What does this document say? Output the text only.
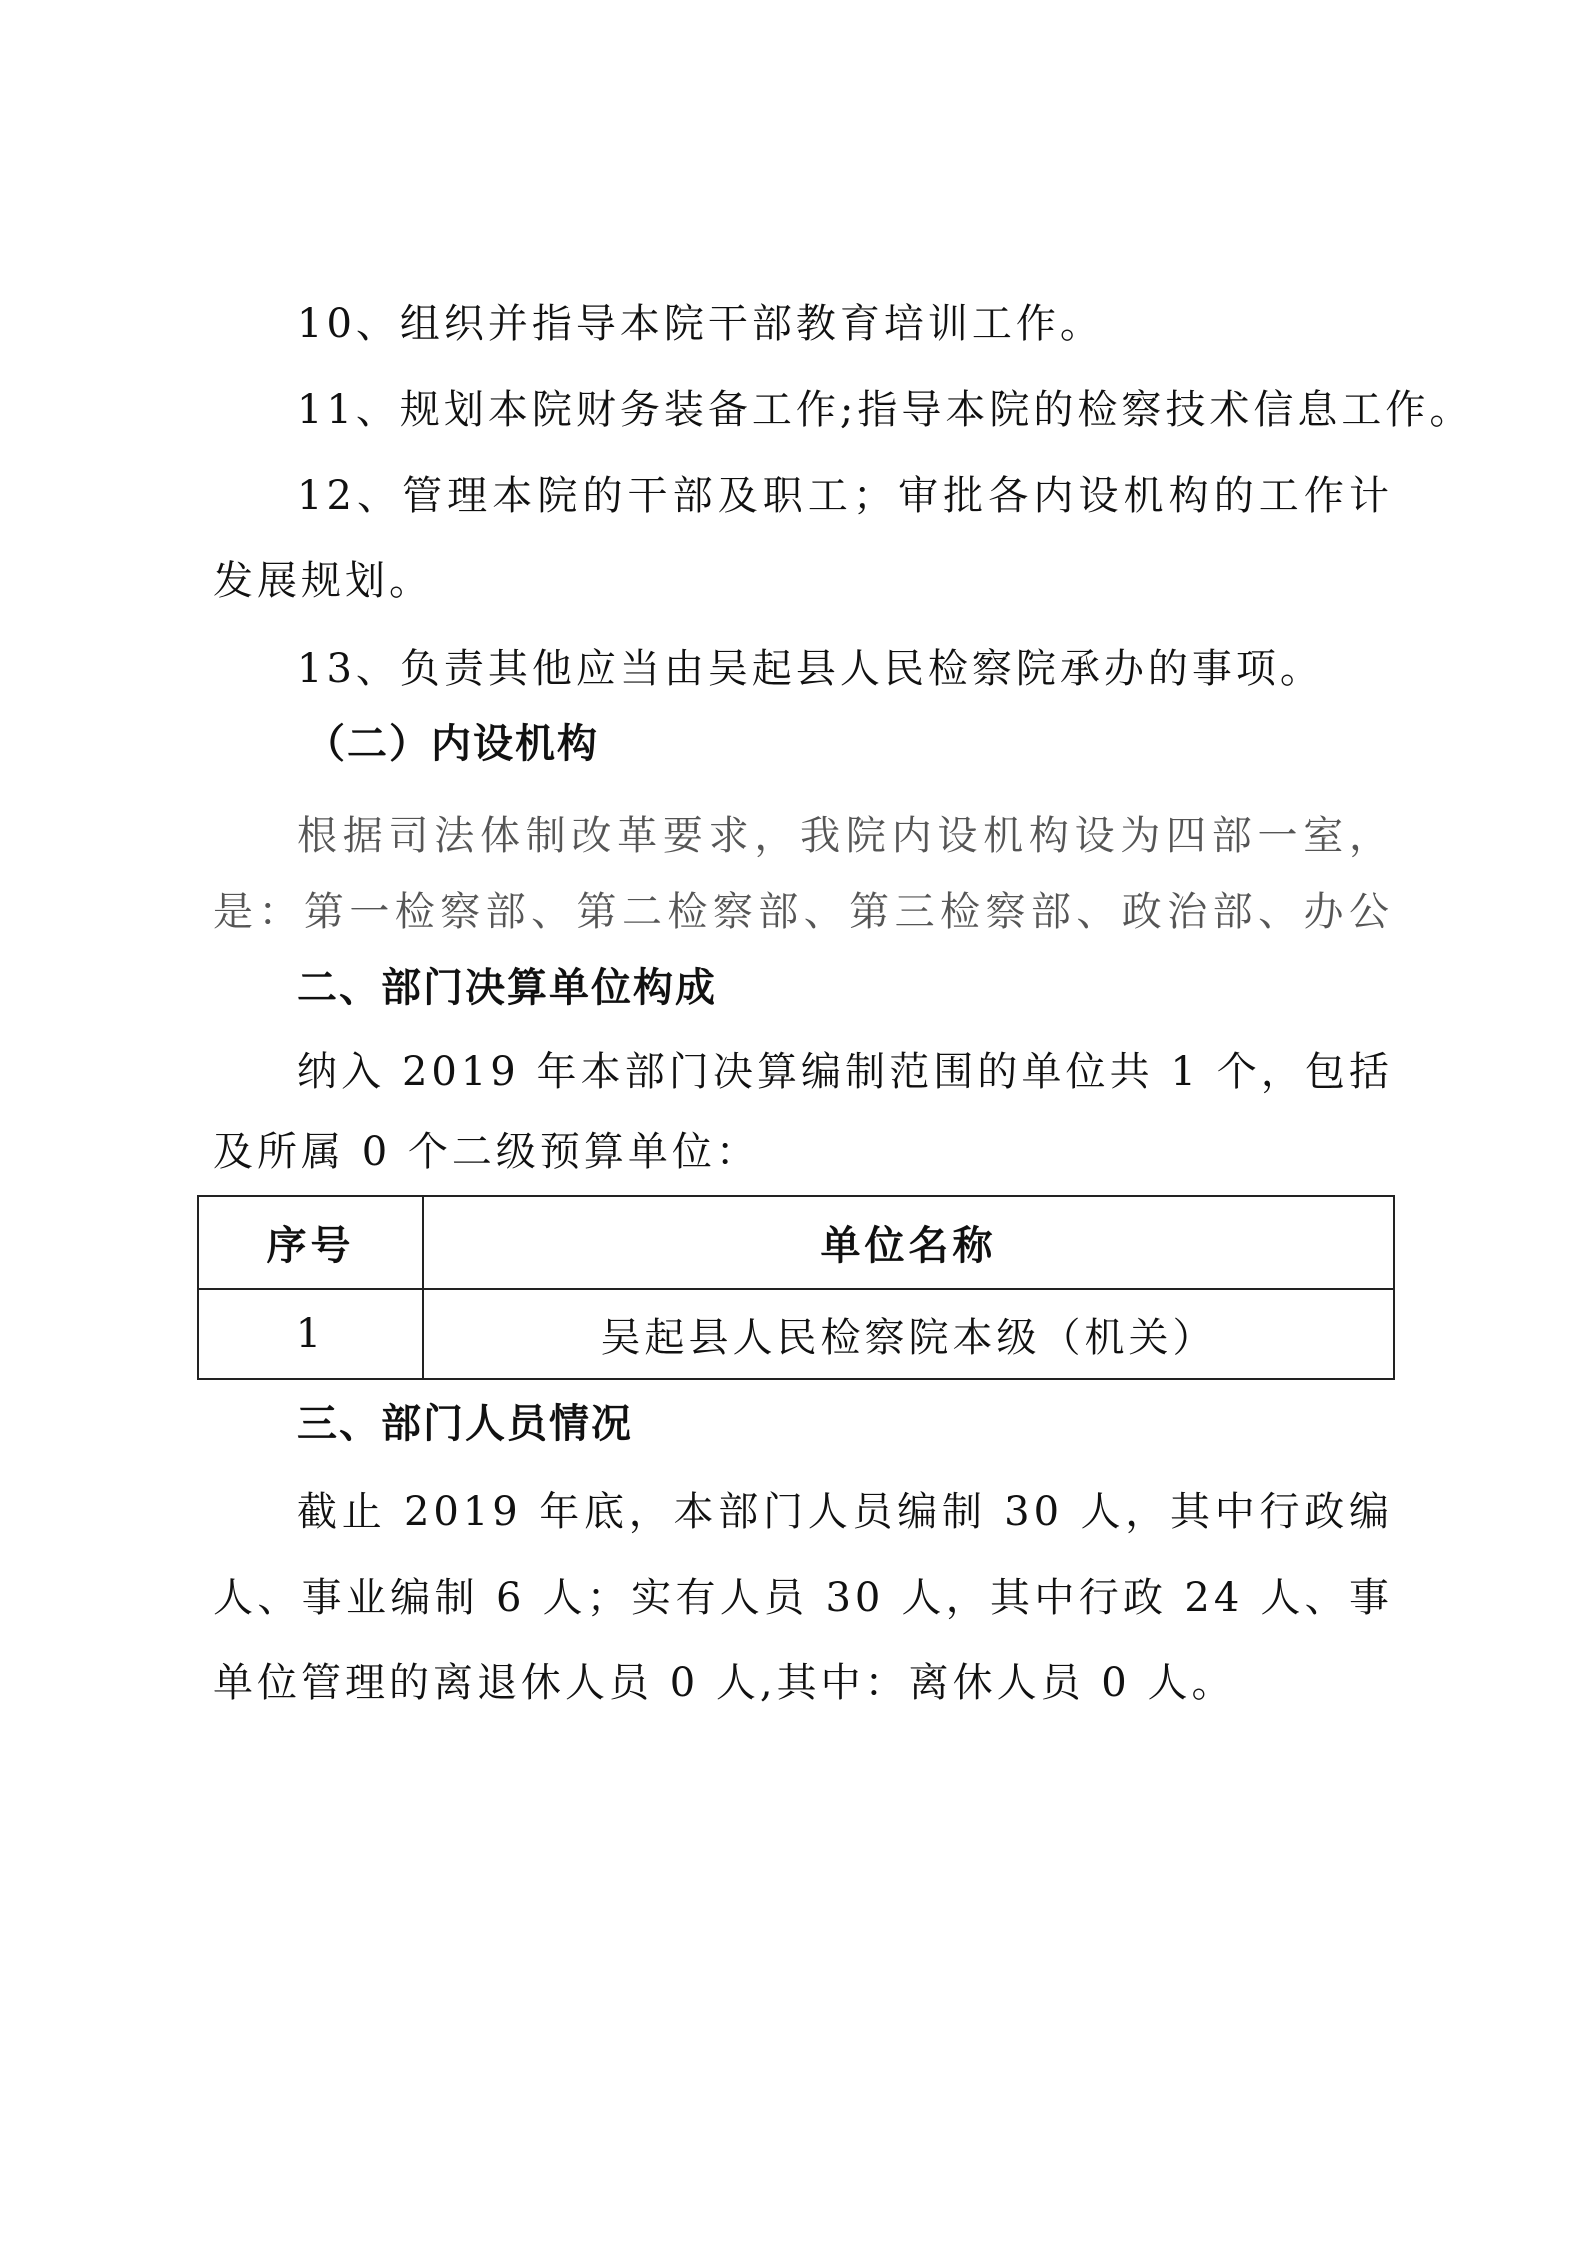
10、组织并指导本院干部教育培训工作。
11、规划本院财务装备工作;指导本院的检察技术信息工作。
12、管理本院的干部及职工；审批各内设机构的工作计
发展规划。
13、负责其他应当由吴起县人民检察院承办的事项。
（二）内设机构
根据司法体制改革要求，我院内设机构设为四部一室，
是：第一检察部、第二检察部、第三检察部、政治部、办公
二、部门决算单位构成
纳入 2019 年本部门决算编制范围的单位共 1 个，包括
及所属 0 个二级预算单位：
序号	单位名称
1	吴起县人民检察院本级（机关）
三、部门人员情况
截止 2019 年底，本部门人员编制 30 人，其中行政编
人、事业编制 6 人；实有人员 30 人，其中行政 24 人、事
单位管理的离退休人员 0 人,其中：离休人员 0 人。
